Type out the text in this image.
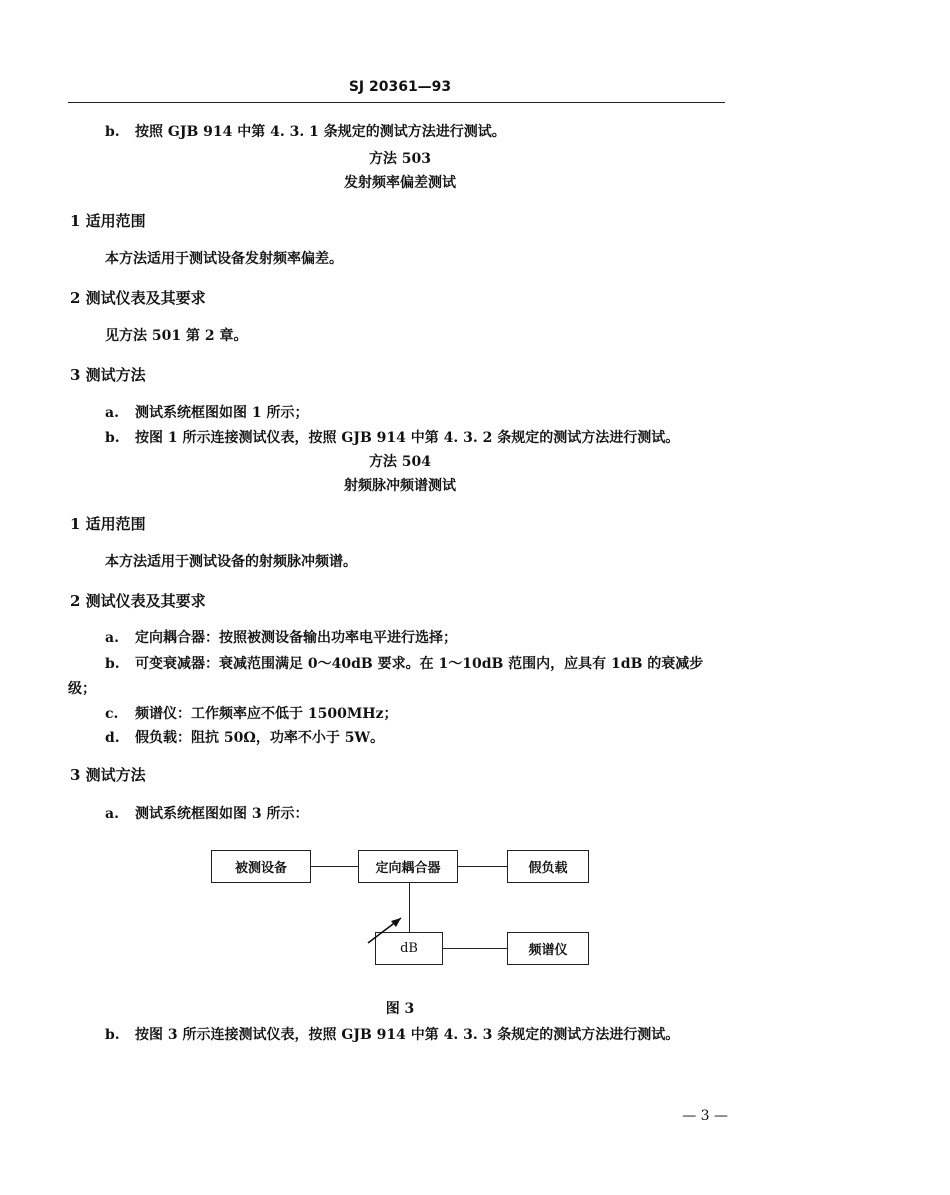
SJ 20361—93
b. 按照 GJB 914 中第 4. 3. 1 条规定的测试方法进行测试。
方法 503
发射频率偏差测试
1 适用范围
本方法适用于测试设备发射频率偏差。
2 测试仪表及其要求
见方法 501 第 2 章。
3 测试方法
a. 测试系统框图如图 1 所示；
b. 按图 1 所示连接测试仪表，按照 GJB 914 中第 4. 3. 2 条规定的测试方法进行测试。
方法 504
射频脉冲频谱测试
1 适用范围
本方法适用于测试设备的射频脉冲频谱。
2 测试仪表及其要求
a. 定向耦合器：按照被测设备输出功率电平进行选择；
b. 可变衰减器：衰减范围满足 0～40dB 要求。在 1～10dB 范围内，应具有 1dB 的衰减步
级；
c. 频谱仪：工作频率应不低于 1500MHz；
d. 假负载：阻抗 50Ω，功率不小于 5W。
3 测试方法
a. 测试系统框图如图 3 所示：
被测设备	定向耦合器	假负载
dB	频谱仪
图 3
b. 按图 3 所示连接测试仪表，按照 GJB 914 中第 4. 3. 3 条规定的测试方法进行测试。
— 3 —
